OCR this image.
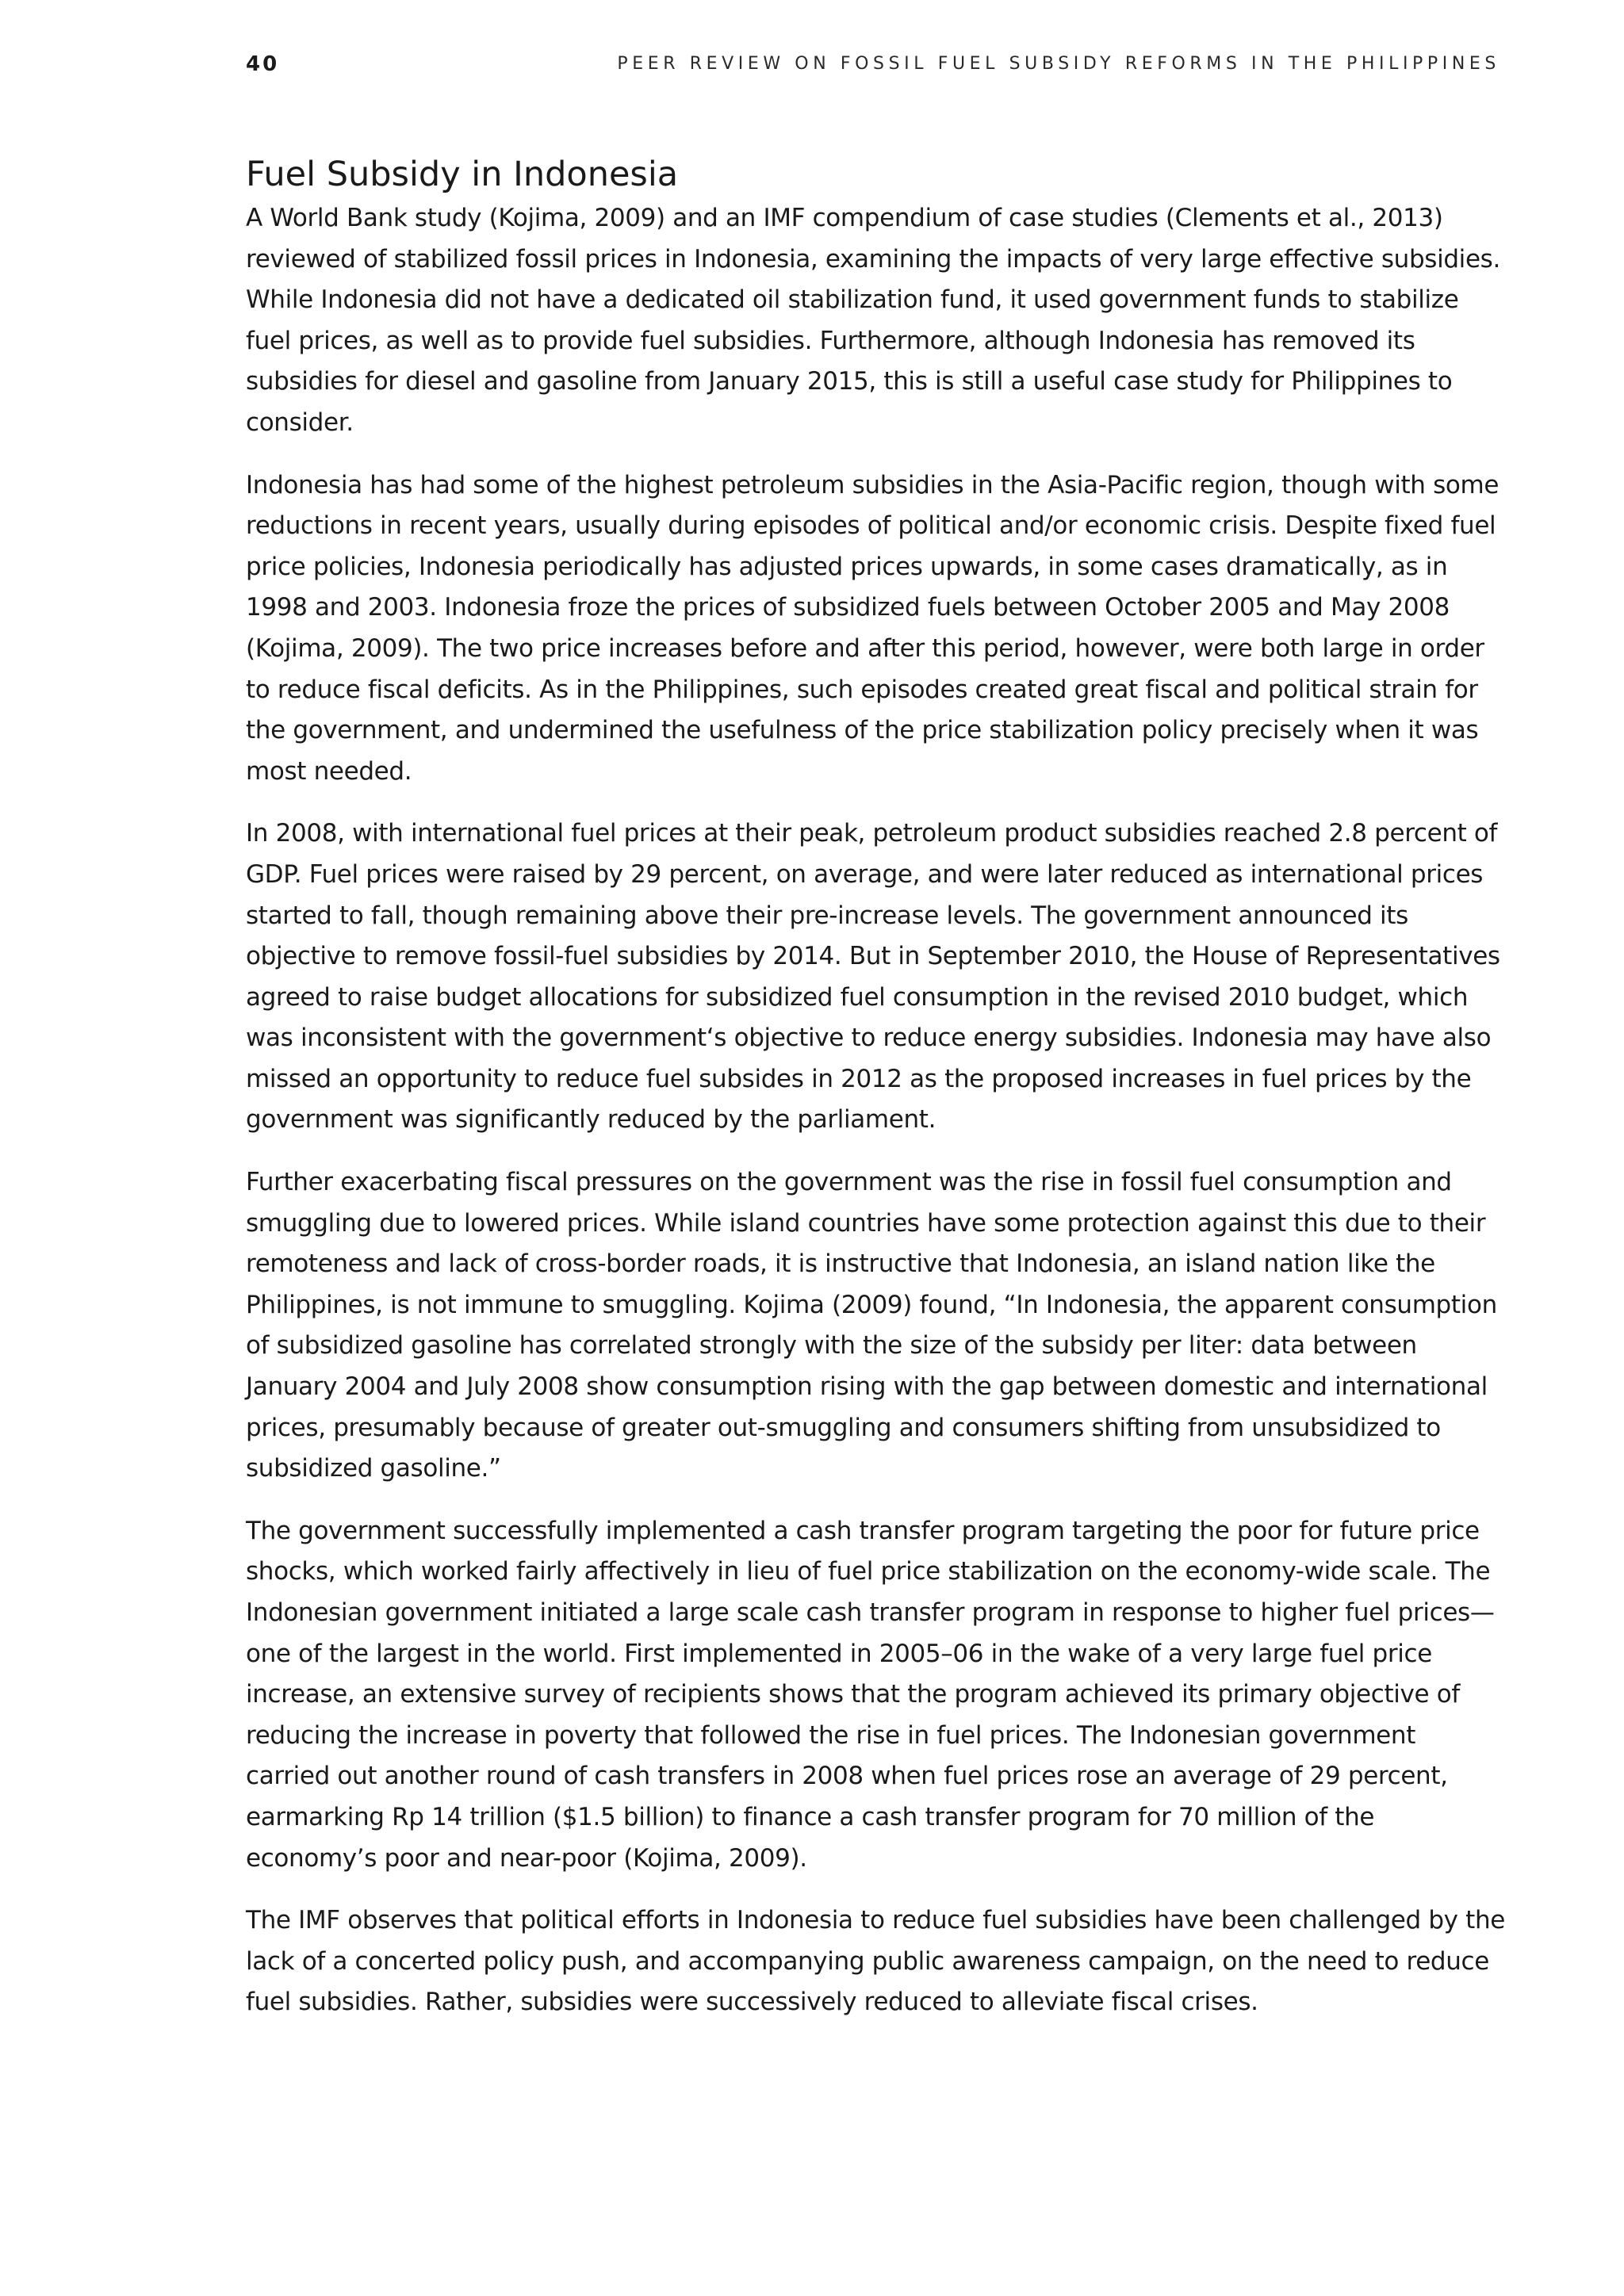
40	PEER REVIEW ON FOSSIL FUEL SUBSIDY REFORMS IN THE PHILIPPINES
Fuel Subsidy in Indonesia

A World Bank study (Kojima, 2009) and an IMF compendium of case studies (Clements et al., 2013) reviewed of stabilized fossil prices in Indonesia, examining the impacts of very large effective subsidies. While Indonesia did not have a dedicated oil stabilization fund, it used government funds to stabilize fuel prices, as well as to provide fuel subsidies. Furthermore, although Indonesia has removed its subsidies for diesel and gasoline from January 2015, this is still a useful case study for Philippines to consider.

Indonesia has had some of the highest petroleum subsidies in the Asia-Pacific region, though with some reductions in recent years, usually during episodes of political and/or economic crisis. Despite fixed fuel price policies, Indonesia periodically has adjusted prices upwards, in some cases dramatically, as in 1998 and 2003. Indonesia froze the prices of subsidized fuels between October 2005 and May 2008 (Kojima, 2009). The two price increases before and after this period, however, were both large in order to reduce fiscal deficits. As in the Philippines, such episodes created great fiscal and political strain for the government, and undermined the usefulness of the price stabilization policy precisely when it was most needed.

In 2008, with international fuel prices at their peak, petroleum product subsidies reached 2.8 percent of GDP. Fuel prices were raised by 29 percent, on average, and were later reduced as international prices started to fall, though remaining above their pre-increase levels. The government announced its objective to remove fossil-fuel subsidies by 2014. But in September 2010, the House of Representatives agreed to raise budget allocations for subsidized fuel consumption in the revised 2010 budget, which was inconsistent with the government‘s objective to reduce energy subsidies. Indonesia may have also missed an opportunity to reduce fuel subsides in 2012 as the proposed increases in fuel prices by the government was significantly reduced by the parliament.

Further exacerbating fiscal pressures on the government was the rise in fossil fuel consumption and smuggling due to lowered prices. While island countries have some protection against this due to their remoteness and lack of cross-border roads, it is instructive that Indonesia, an island nation like the Philippines, is not immune to smuggling. Kojima (2009) found, “In Indonesia, the apparent consumption of subsidized gasoline has correlated strongly with the size of the subsidy per liter: data between January 2004 and July 2008 show consumption rising with the gap between domestic and international prices, presumably because of greater out-smuggling and consumers shifting from unsubsidized to subsidized gasoline.”

The government successfully implemented a cash transfer program targeting the poor for future price shocks, which worked fairly affectively in lieu of fuel price stabilization on the economy-wide scale. The Indonesian government initiated a large scale cash transfer program in response to higher fuel prices—one of the largest in the world. First implemented in 2005–06 in the wake of a very large fuel price increase, an extensive survey of recipients shows that the program achieved its primary objective of reducing the increase in poverty that followed the rise in fuel prices. The Indonesian government carried out another round of cash transfers in 2008 when fuel prices rose an average of 29 percent, earmarking Rp 14 trillion ($1.5 billion) to finance a cash transfer program for 70 million of the economy’s poor and near-poor (Kojima, 2009).

The IMF observes that political efforts in Indonesia to reduce fuel subsidies have been challenged by the lack of a concerted policy push, and accompanying public awareness campaign, on the need to reduce fuel subsidies. Rather, subsidies were successively reduced to alleviate fiscal crises.
